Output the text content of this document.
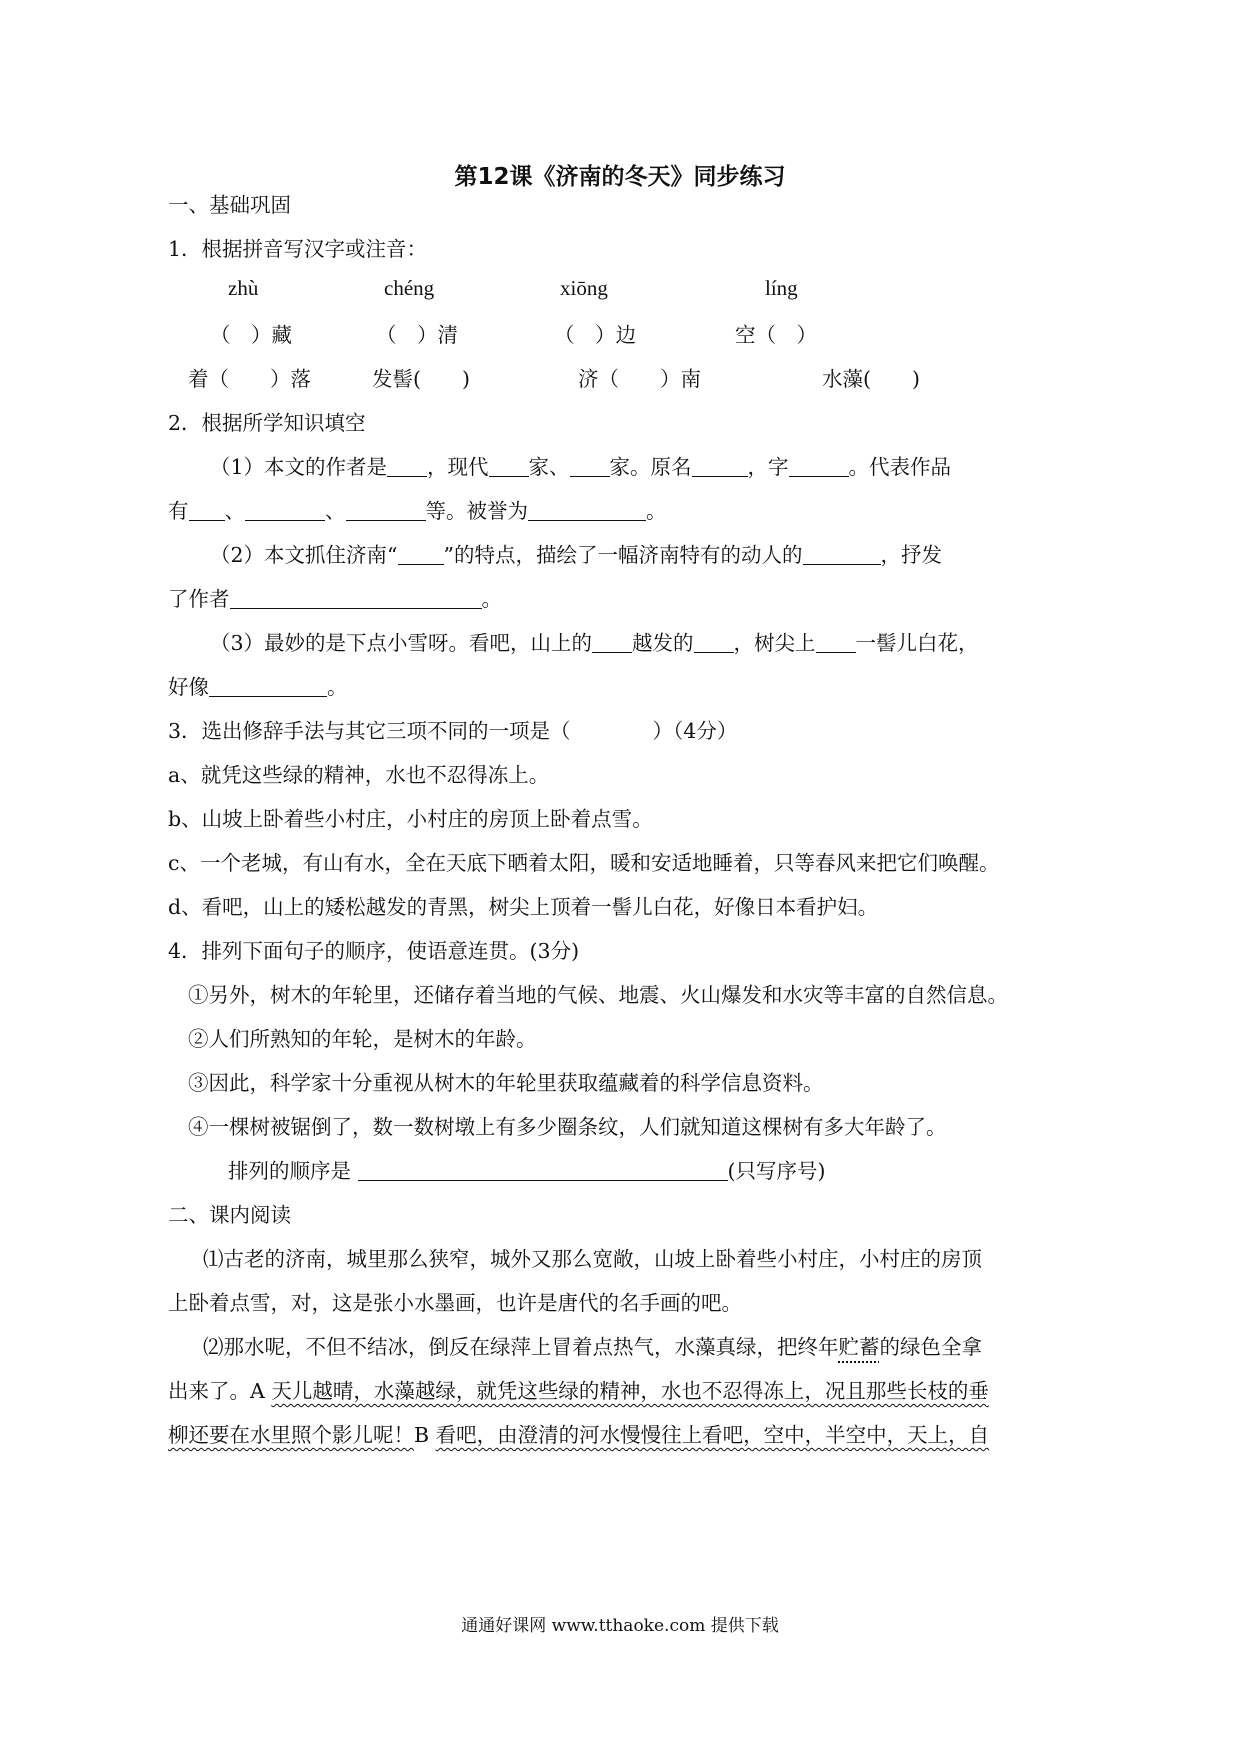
第12课《济南的冬天》同步练习
一、基础巩固
1．根据拼音写汉字或注音：
zhù	chéng	xiōng	líng
（　）藏	（　）清	（　）边	空（　）
着（　　）落	发髻(　　)	济（　　）南	水藻(　　)
2．根据所学知识填空
（1）本文的作者是 ，现代 家、 家。原名	，字	。代表作品
有 、	、	等。被誉为	。
（2）本文抓住济南“ ”的特点，描绘了一幅济南特有的动人的	，抒发
了作者	。
（3）最妙的是下点小雪呀。看吧，山上的 越发的 ，树尖上 一髻儿白花，
好像	。
3．选出修辞手法与其它三项不同的一项是（　　　　）（4分）
a、就凭这些绿的精神，水也不忍得冻上。
b、山坡上卧着些小村庄，小村庄的房顶上卧着点雪。
c、一个老城，有山有水，全在天底下晒着太阳，暖和安适地睡着，只等春风来把它们唤醒。
d、看吧，山上的矮松越发的青黑，树尖上顶着一髻儿白花，好像日本看护妇。
4．排列下面句子的顺序，使语意连贯。(3分)
①另外，树木的年轮里，还储存着当地的气候、地震、火山爆发和水灾等丰富的自然信息。
②人们所熟知的年轮，是树木的年龄。
③因此，科学家十分重视从树木的年轮里获取蕴藏着的科学信息资料。
④一棵树被锯倒了，数一数树墩上有多少圈条纹，人们就知道这棵树有多大年龄了。
排列的顺序是	(只写序号)
二、课内阅读
⑴古老的济南，城里那么狭窄，城外又那么宽敞，山坡上卧着些小村庄，小村庄的房顶
上卧着点雪，对，这是张小水墨画，也许是唐代的名手画的吧。
⑵那水呢，不但不结冰，倒反在绿萍上冒着点热气，水藻真绿，把终年贮蓄的绿色全拿
出来了。A 天儿越晴，水藻越绿，就凭这些绿的精神，水也不忍得冻上，况且那些长枝的垂
柳还要在水里照个影儿呢！B 看吧，由澄清的河水慢慢往上看吧，空中，半空中，天上，自
通通好课网 www.tthaoke.com 提供下载
